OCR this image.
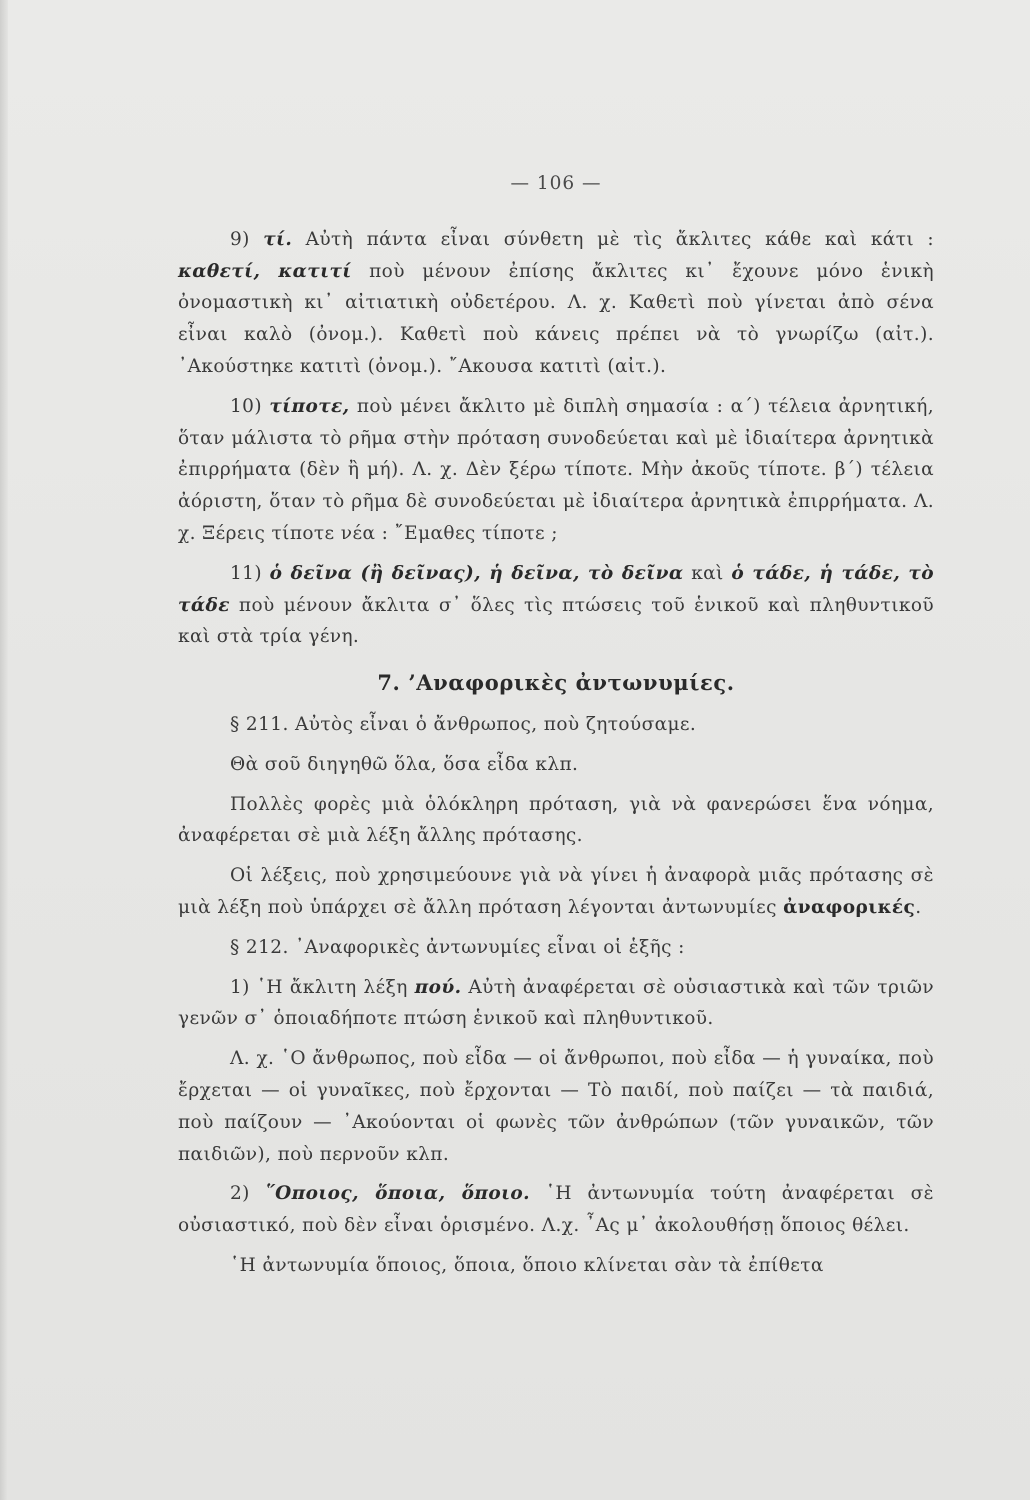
— 106 —

9) τί. Αὐτὴ πάντα εἶναι σύνθετη μὲ τὶς ἄκλιτες κάθε καὶ κάτι : καθετί, κατιτί ποὺ μένουν ἐπίσης ἄκλιτες κι᾿ ἔχουνε μόνο ἑνικὴ ὀνομαστικὴ κι᾿ αἰτιατικὴ οὐδετέρου. Λ. χ. Καθετὶ ποὺ γίνεται ἀπὸ σένα εἶναι καλὸ (ὀνομ.). Καθετὶ ποὺ κάνεις πρέπει νὰ τὸ γνωρίζω (αἰτ.). ᾽Ακούστηκε κατιτὶ (ὀνομ.). ῎Ακουσα κατιτὶ (αἰτ.).

10) τίποτε, ποὺ μένει ἄκλιτο μὲ διπλὴ σημασία : α΄) τέλεια ἀρνητική, ὅταν μάλιστα τὸ ρῆμα στὴν πρόταση συνοδεύεται καὶ μὲ ἰδιαίτερα ἀρνητικὰ ἐπιρρήματα (δὲν ἢ μή). Λ. χ. Δὲν ξέρω τίποτε. Μὴν ἀκοῦς τίποτε. β΄) τέλεια ἀόριστη, ὅταν τὸ ρῆμα δὲ συνοδεύεται μὲ ἰδιαίτερα ἀρνητικὰ ἐπιρρήματα. Λ. χ. Ξέρεις τίποτε νέα : ῎Εμαθες τίποτε ;

11) ὁ δεῖνα (ἢ δεῖνας), ἡ δεῖνα, τὸ δεῖνα καὶ ὁ τάδε, ἡ τάδε, τὸ τάδε ποὺ μένουν ἄκλιτα σ᾿ ὅλες τὶς πτώσεις τοῦ ἑνικοῦ καὶ πληθυντικοῦ καὶ στὰ τρία γένη.

7. ’Αναφορικὲς ἀντωνυμίες.

§ 211. Αὐτὸς εἶναι ὁ ἄνθρωπος, ποὺ ζητούσαμε.

Θὰ σοῦ διηγηθῶ ὅλα, ὅσα εἶδα κλπ.

Πολλὲς φορὲς μιὰ ὁλόκληρη πρόταση, γιὰ νὰ φανερώσει ἕνα νόημα, ἀναφέρεται σὲ μιὰ λέξη ἄλλης πρότασης.

Οἱ λέξεις, ποὺ χρησιμεύουνε γιὰ νὰ γίνει ἡ ἀναφορὰ μιᾶς πρότασης σὲ μιὰ λέξη ποὺ ὑπάρχει σὲ ἄλλη πρόταση λέγονται ἀντωνυμίες ἀναφορικές.

§ 212. ᾽Αναφορικὲς ἀντωνυμίες εἶναι οἱ ἑξῆς :

1) ῾Η ἄκλιτη λέξη πού. Αὐτὴ ἀναφέρεται σὲ οὐσιαστικὰ καὶ τῶν τριῶν γενῶν σ᾿ ὁποιαδήποτε πτώση ἑνικοῦ καὶ πληθυντικοῦ.

Λ. χ. ῾Ο ἄνθρωπος, ποὺ εἶδα — οἱ ἄνθρωποι, ποὺ εἶδα — ἡ γυναίκα, ποὺ ἔρχεται — οἱ γυναῖκες, ποὺ ἔρχονται — Τὸ παιδί, ποὺ παίζει — τὰ παιδιά, ποὺ παίζουν — ᾽Ακούονται οἱ φωνὲς τῶν ἀνθρώπων (τῶν γυναικῶν, τῶν παιδιῶν), ποὺ περνοῦν κλπ.

2) ῞Οποιος, ὅποια, ὅποιο. ῾Η ἀντωνυμία τούτη ἀναφέρεται σὲ οὐσιαστικό, ποὺ δὲν εἶναι ὁρισμένο. Λ.χ. ῏Ας μ᾿ ἀκολουθήσῃ ὅποιος θέλει.

῾Η ἀντωνυμία ὅποιος, ὅποια, ὅποιο κλίνεται σὰν τὰ ἐπίθετα
